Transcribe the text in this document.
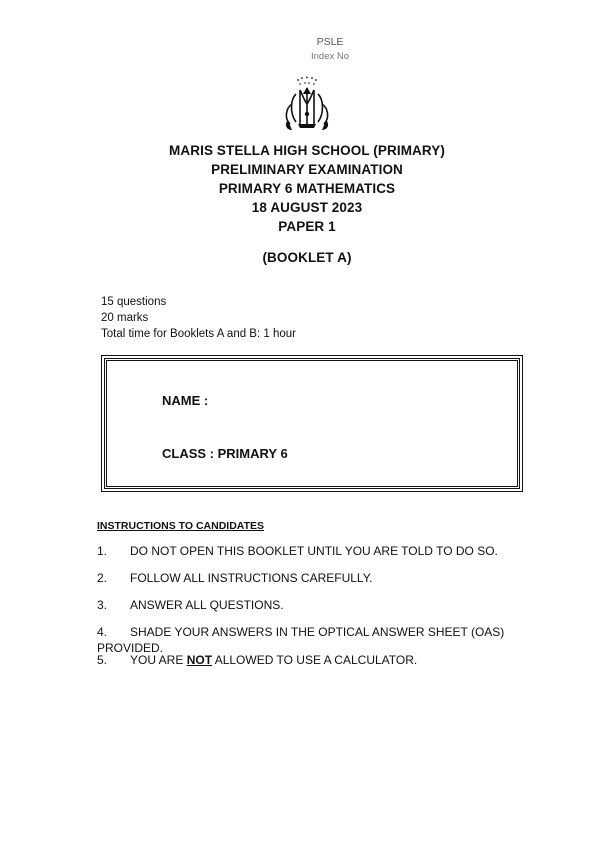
PSLE
Index No
MARIS STELLA HIGH SCHOOL (PRIMARY)
PRELIMINARY EXAMINATION
PRIMARY 6 MATHEMATICS
18 AUGUST 2023
PAPER 1
(BOOKLET A)
15 questions
20 marks
Total time for Booklets A and B: 1 hour
NAME :
CLASS : PRIMARY 6
INSTRUCTIONS TO CANDIDATES
1. DO NOT OPEN THIS BOOKLET UNTIL YOU ARE TOLD TO DO SO.
2. FOLLOW ALL INSTRUCTIONS CAREFULLY.
3. ANSWER ALL QUESTIONS.
4. SHADE YOUR ANSWERS IN THE OPTICAL ANSWER SHEET (OAS) PROVIDED.
5. YOU ARE NOT ALLOWED TO USE A CALCULATOR.
